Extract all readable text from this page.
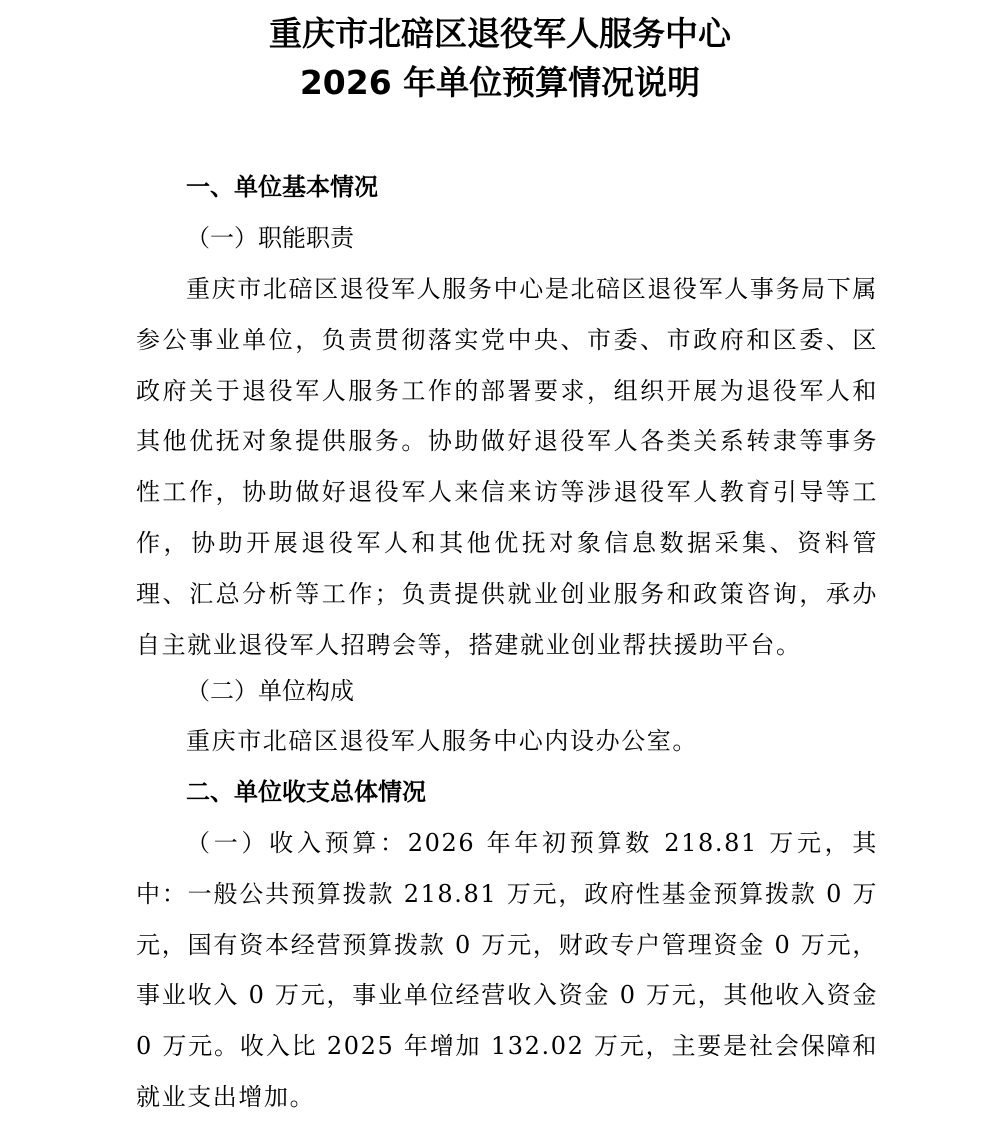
重庆市北碚区退役军人服务中心
2026 年单位预算情况说明
一、单位基本情况
（一）职能职责

重庆市北碚区退役军人服务中心是北碚区退役军人事务局下属参公事业单位，负责贯彻落实党中央、市委、市政府和区委、区政府关于退役军人服务工作的部署要求，组织开展为退役军人和其他优抚对象提供服务。协助做好退役军人各类关系转隶等事务性工作，协助做好退役军人来信来访等涉退役军人教育引导等工作，协助开展退役军人和其他优抚对象信息数据采集、资料管理、汇总分析等工作；负责提供就业创业服务和政策咨询，承办自主就业退役军人招聘会等，搭建就业创业帮扶援助平台。

（二）单位构成

重庆市北碚区退役军人服务中心内设办公室。

二、单位收支总体情况

（一）收入预算：2026 年年初预算数 218.81 万元，其中：一般公共预算拨款 218.81 万元，政府性基金预算拨款 0 万元，国有资本经营预算拨款 0 万元，财政专户管理资金 0 万元，事业收入 0 万元，事业单位经营收入资金 0 万元，其他收入资金 0 万元。收入比 2025 年增加 132.02 万元，主要是社会保障和就业支出增加。
